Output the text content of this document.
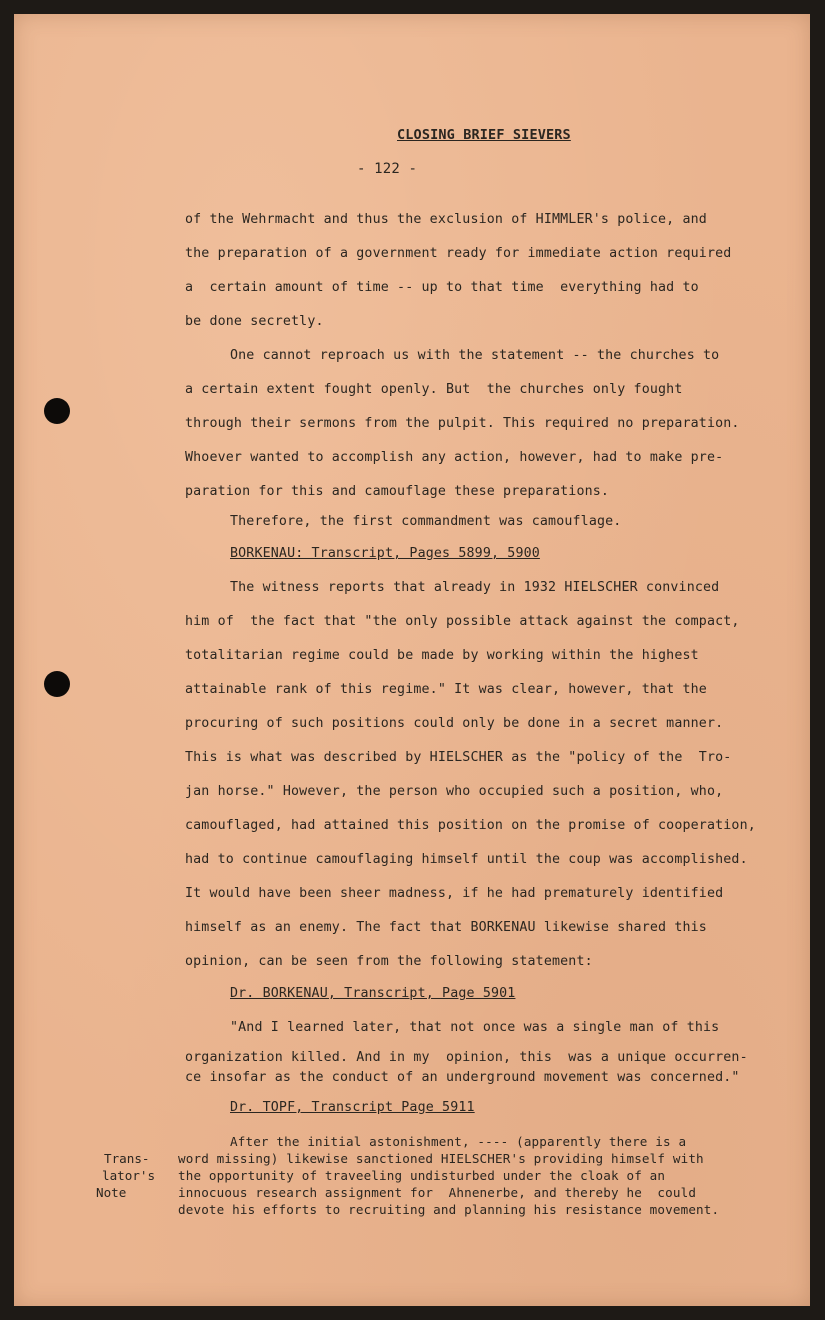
CLOSING BRIEF SIEVERS
- 122 -
of the Wehrmacht and thus the exclusion of HIMMLER's police, and
the preparation of a government ready for immediate action required
a  certain amount of time -- up to that time  everything had to
be done secretly.
One cannot reproach us with the statement -- the churches to
a certain extent fought openly. But  the churches only fought
through their sermons from the pulpit. This required no preparation.
Whoever wanted to accomplish any action, however, had to make pre-
paration for this and camouflage these preparations.
Therefore, the first commandment was camouflage.
BORKENAU: Transcript, Pages 5899, 5900
The witness reports that already in 1932 HIELSCHER convinced
him of  the fact that "the only possible attack against the compact,
totalitarian regime could be made by working within the highest
attainable rank of this regime." It was clear, however, that the
procuring of such positions could only be done in a secret manner.
This is what was described by HIELSCHER as the "policy of the  Tro-
jan horse." However, the person who occupied such a position, who,
camouflaged, had attained this position on the promise of cooperation,
had to continue camouflaging himself until the coup was accomplished.
It would have been sheer madness, if he had prematurely identified
himself as an enemy. The fact that BORKENAU likewise shared this
opinion, can be seen from the following statement:
Dr. BORKENAU, Transcript, Page 5901
"And I learned later, that not once was a single man of this
organization killed. And in my  opinion, this  was a unique occurren-
ce insofar as the conduct of an underground movement was concerned."
Dr. TOPF, Transcript Page 5911
After the initial astonishment, ---- (apparently there is a
word missing) likewise sanctioned HIELSCHER's providing himself with
the opportunity of traveeling undisturbed under the cloak of an
innocuous research assignment for  Ahnenerbe, and thereby he  could
devote his efforts to recruiting and planning his resistance movement.
Trans-
lator's
Note
